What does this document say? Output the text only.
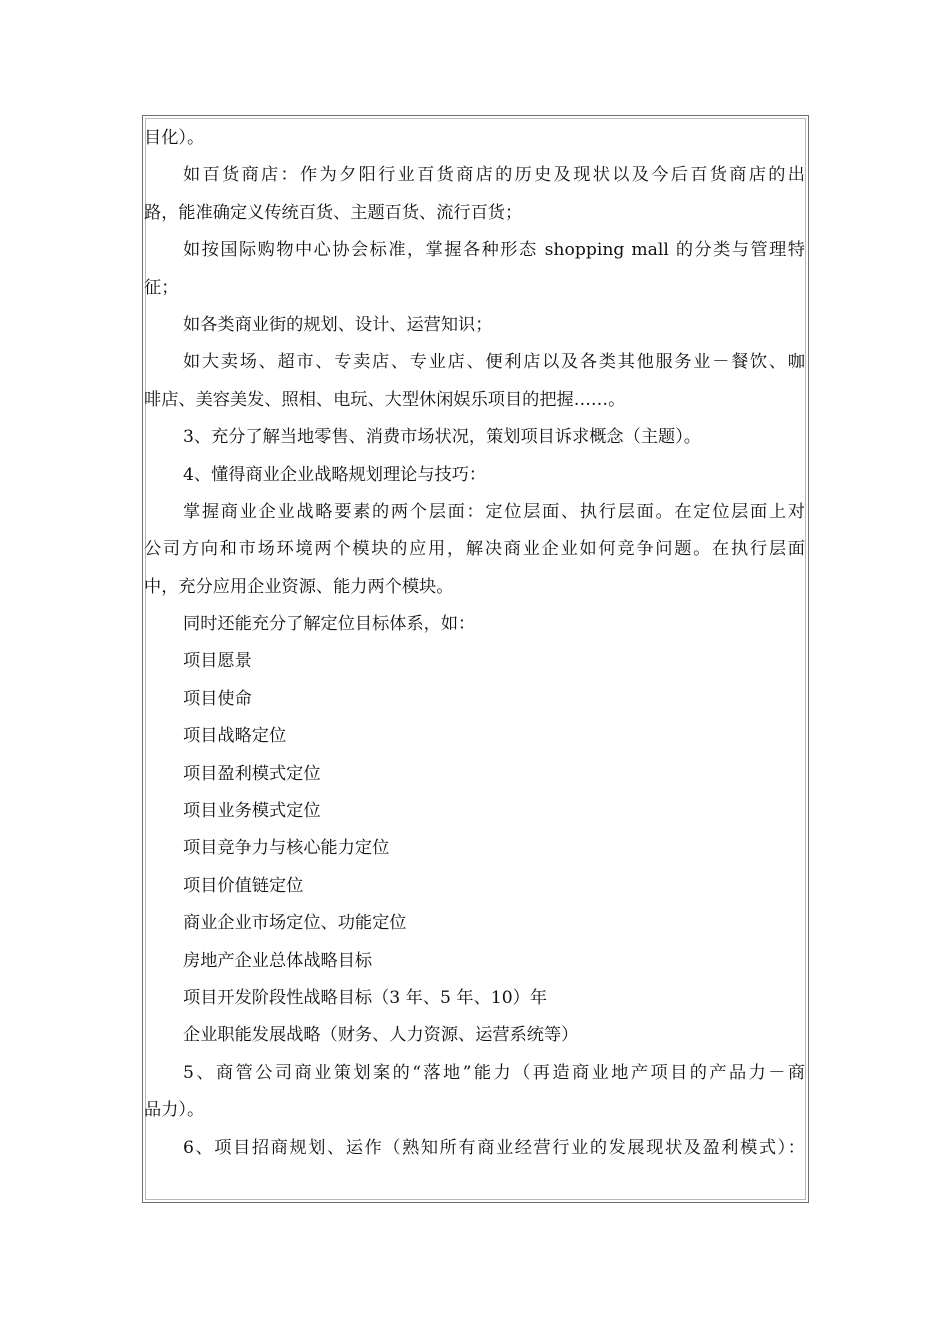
目化）。
如百货商店：作为夕阳行业百货商店的历史及现状以及今后百货商店的出
路，能准确定义传统百货、主题百货、流行百货；
如按国际购物中心协会标准，掌握各种形态 shopping mall 的分类与管理特
征；
如各类商业街的规划、设计、运营知识；
如大卖场、超市、专卖店、专业店、便利店以及各类其他服务业－餐饮、咖
啡店、美容美发、照相、电玩、大型休闲娱乐项目的把握……。
3、充分了解当地零售、消费市场状况，策划项目诉求概念（主题）。
4、懂得商业企业战略规划理论与技巧：
掌握商业企业战略要素的两个层面：定位层面、执行层面。在定位层面上对
公司方向和市场环境两个模块的应用，解决商业企业如何竞争问题。在执行层面
中，充分应用企业资源、能力两个模块。
同时还能充分了解定位目标体系，如：
项目愿景
项目使命
项目战略定位
项目盈利模式定位
项目业务模式定位
项目竞争力与核心能力定位
项目价值链定位
商业企业市场定位、功能定位
房地产企业总体战略目标
项目开发阶段性战略目标（3 年、5 年、10）年
企业职能发展战略（财务、人力资源、运营系统等）
5、商管公司商业策划案的“落地”能力（再造商业地产项目的产品力－商
品力）。
6、项目招商规划、运作（熟知所有商业经营行业的发展现状及盈利模式）：
